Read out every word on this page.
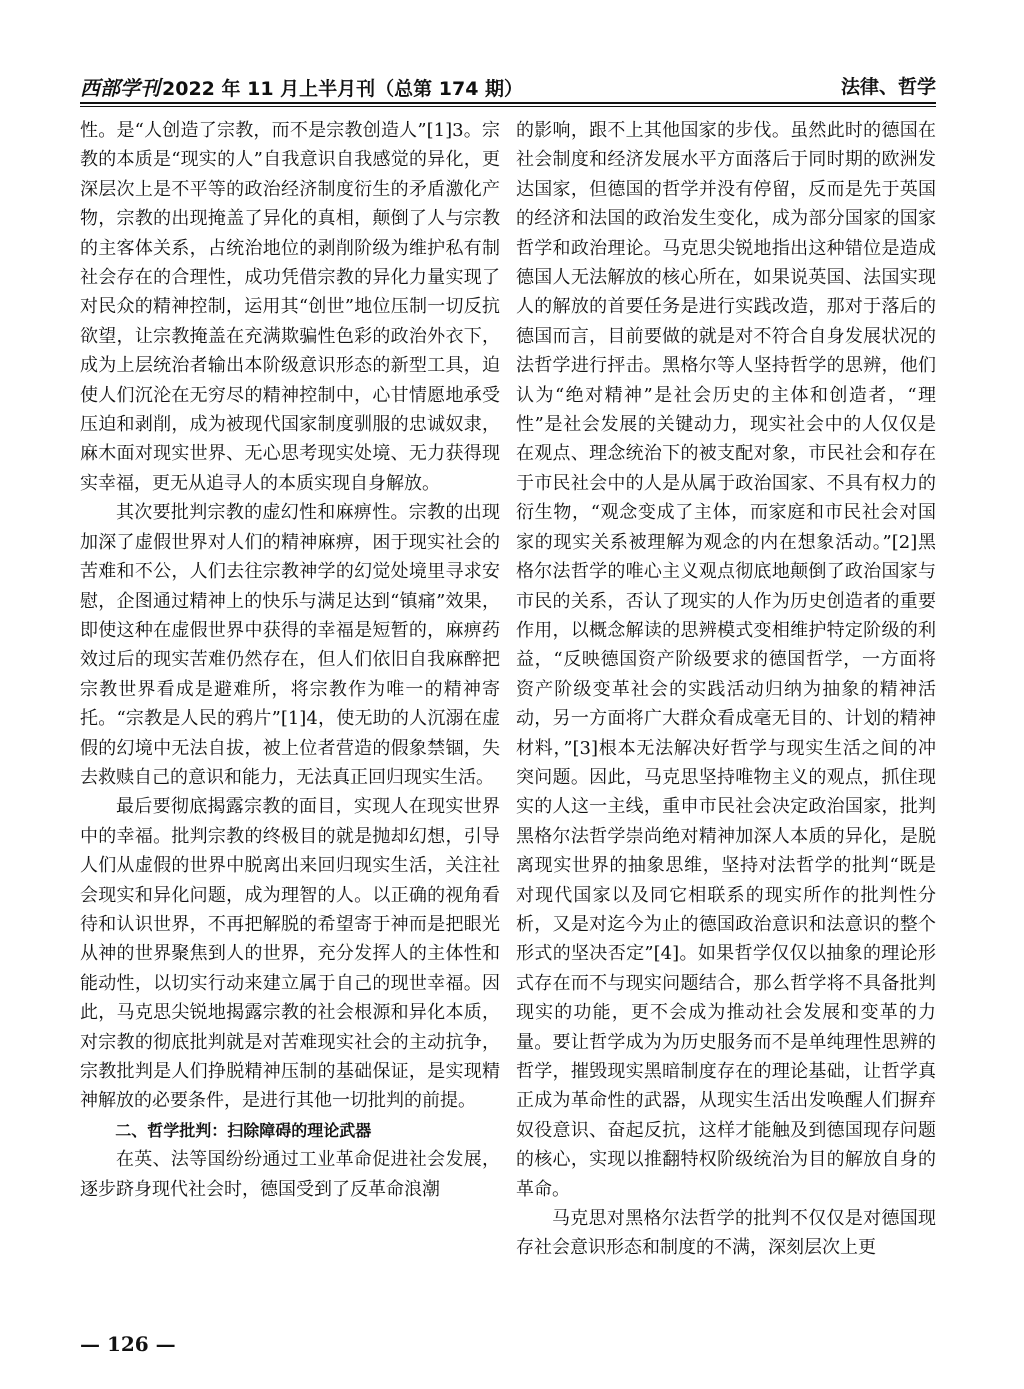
西部学刊 2022 年 11 月上半月刊（总第 174 期）	法律、哲学

性。是“人创造了宗教，而不是宗教创造人”[1]3。宗教的本质是“现实的人”自我意识自我感觉的异化，更深层次上是不平等的政治经济制度衍生的矛盾激化产物，宗教的出现掩盖了异化的真相，颠倒了人与宗教的主客体关系，占统治地位的剥削阶级为维护私有制社会存在的合理性，成功凭借宗教的异化力量实现了对民众的精神控制，运用其“创世”地位压制一切反抗欲望，让宗教掩盖在充满欺骗性色彩的政治外衣下，成为上层统治者输出本阶级意识形态的新型工具，迫使人们沉沦在无穷尽的精神控制中，心甘情愿地承受压迫和剥削，成为被现代国家制度驯服的忠诚奴隶，麻木面对现实世界、无心思考现实处境、无力获得现实幸福，更无从追寻人的本质实现自身解放。

其次要批判宗教的虚幻性和麻痹性。宗教的出现加深了虚假世界对人们的精神麻痹，困于现实社会的苦难和不公，人们去往宗教神学的幻觉处境里寻求安慰，企图通过精神上的快乐与满足达到“镇痛”效果，即使这种在虚假世界中获得的幸福是短暂的，麻痹药效过后的现实苦难仍然存在，但人们依旧自我麻醉把宗教世界看成是避难所，将宗教作为唯一的精神寄托。“宗教是人民的鸦片”[1]4，使无助的人沉溺在虚假的幻境中无法自拔，被上位者营造的假象禁锢，失去救赎自己的意识和能力，无法真正回归现实生活。

最后要彻底揭露宗教的面目，实现人在现实世界中的幸福。批判宗教的终极目的就是抛却幻想，引导人们从虚假的世界中脱离出来回归现实生活，关注社会现实和异化问题，成为理智的人。以正确的视角看待和认识世界，不再把解脱的希望寄于神而是把眼光从神的世界聚焦到人的世界，充分发挥人的主体性和能动性，以切实行动来建立属于自己的现世幸福。因此，马克思尖锐地揭露宗教的社会根源和异化本质，对宗教的彻底批判就是对苦难现实社会的主动抗争，宗教批判是人们挣脱精神压制的基础保证，是实现精神解放的必要条件，是进行其他一切批判的前提。

二、哲学批判：扫除障碍的理论武器

在英、法等国纷纷通过工业革命促进社会发展，逐步跻身现代社会时，德国受到了反革命浪潮

的影响，跟不上其他国家的步伐。虽然此时的德国在社会制度和经济发展水平方面落后于同时期的欧洲发达国家，但德国的哲学并没有停留，反而是先于英国的经济和法国的政治发生变化，成为部分国家的国家哲学和政治理论。马克思尖锐地指出这种错位是造成德国人无法解放的核心所在，如果说英国、法国实现人的解放的首要任务是进行实践改造，那对于落后的德国而言，目前要做的就是对不符合自身发展状况的法哲学进行抨击。黑格尔等人坚持哲学的思辨，他们认为“绝对精神”是社会历史的主体和创造者，“理性”是社会发展的关键动力，现实社会中的人仅仅是在观点、理念统治下的被支配对象，市民社会和存在于市民社会中的人是从属于政治国家、不具有权力的衍生物，“观念变成了主体，而家庭和市民社会对国家的现实关系被理解为观念的内在想象活动。”[2]黑格尔法哲学的唯心主义观点彻底地颠倒了政治国家与市民的关系，否认了现实的人作为历史创造者的重要作用，以概念解读的思辨模式变相维护特定阶级的利益，“反映德国资产阶级要求的德国哲学，一方面将资产阶级变革社会的实践活动归纳为抽象的精神活动，另一方面将广大群众看成毫无目的、计划的精神材料，”[3]根本无法解决好哲学与现实生活之间的冲突问题。因此，马克思坚持唯物主义的观点，抓住现实的人这一主线，重申市民社会决定政治国家，批判黑格尔法哲学崇尚绝对精神加深人本质的异化，是脱离现实世界的抽象思维，坚持对法哲学的批判“既是对现代国家以及同它相联系的现实所作的批判性分析，又是对迄今为止的德国政治意识和法意识的整个形式的坚决否定”[4]。如果哲学仅仅以抽象的理论形式存在而不与现实问题结合，那么哲学将不具备批判现实的功能，更不会成为推动社会发展和变革的力量。要让哲学成为为历史服务而不是单纯理性思辨的哲学，摧毁现实黑暗制度存在的理论基础，让哲学真正成为革命性的武器，从现实生活出发唤醒人们摒弃奴役意识、奋起反抗，这样才能触及到德国现存问题的核心，实现以推翻特权阶级统治为目的解放自身的革命。

马克思对黑格尔法哲学的批判不仅仅是对德国现存社会意识形态和制度的不满，深刻层次上更

— 126 —
